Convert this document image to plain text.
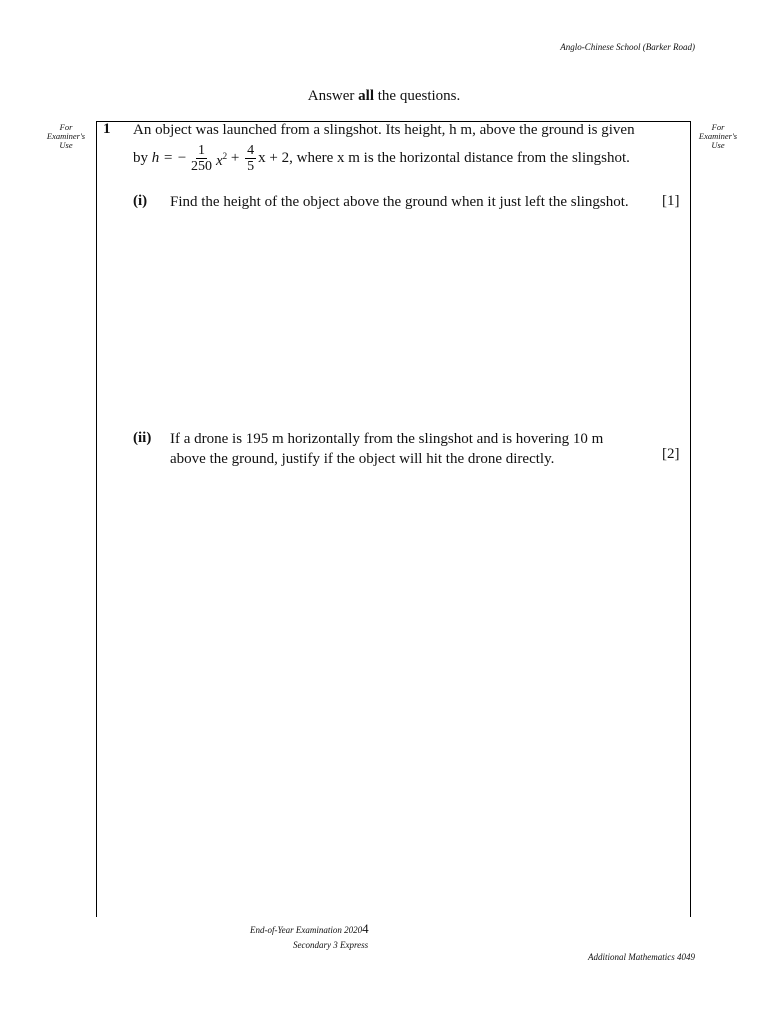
Anglo-Chinese School (Barker Road)
Answer all the questions.
For
Examiner's
Use
For
Examiner's
Use
1 An object was launched from a slingshot. Its height, h m, above the ground is given
by
h = − $\frac{1}{250} x^2 + \frac{4}{5}$ x + 2 , where x m is the horizontal distance from the slingshot.
(i) Find the height of the object above the ground when it just left the slingshot. [1]
(ii) If a drone is 195 m horizontally from the slingshot and is hovering 10 m
above the ground, justify if the object will hit the drone directly.	[2]
End-of-Year Examination 20204
Secondary 3 Express
Additional Mathematics 4049
